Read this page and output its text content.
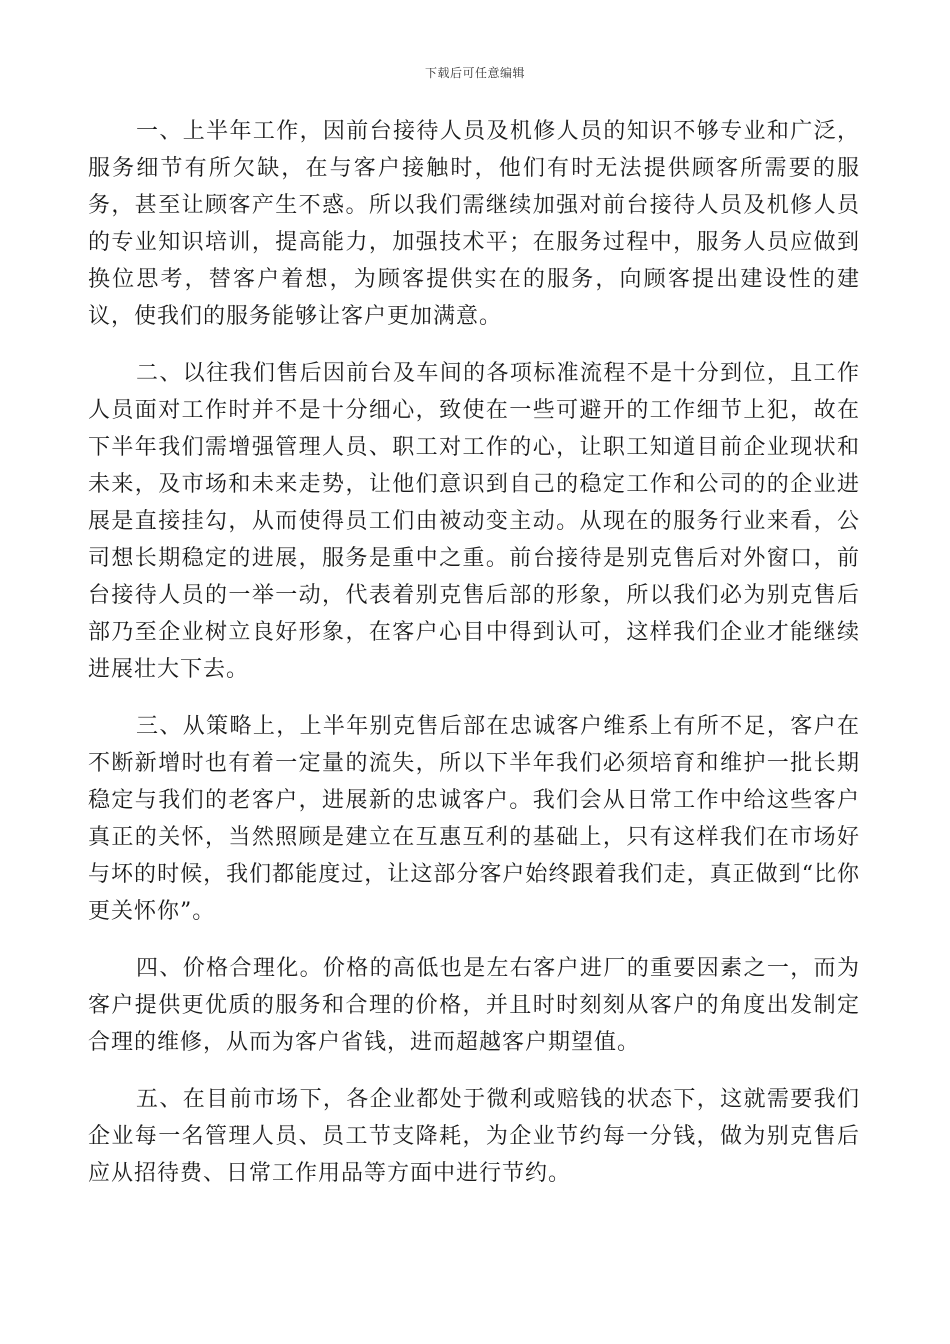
下载后可任意编辑

一、上半年工作，因前台接待人员及机修人员的知识不够专业和广泛，服务细节有所欠缺，在与客户接触时，他们有时无法提供顾客所需要的服务，甚至让顾客产生不惑。所以我们需继续加强对前台接待人员及机修人员的专业知识培训，提高能力，加强技术平；在服务过程中，服务人员应做到换位思考，替客户着想，为顾客提供实在的服务，向顾客提出建设性的建议，使我们的服务能够让客户更加满意。

二、以往我们售后因前台及车间的各项标准流程不是十分到位，且工作人员面对工作时并不是十分细心，致使在一些可避开的工作细节上犯，故在下半年我们需增强管理人员、职工对工作的心，让职工知道目前企业现状和未来，及市场和未来走势，让他们意识到自己的稳定工作和公司的的企业进展是直接挂勾，从而使得员工们由被动变主动。从现在的服务行业来看，公司想长期稳定的进展，服务是重中之重。前台接待是别克售后对外窗口，前台接待人员的一举一动，代表着别克售后部的形象，所以我们必为别克售后部乃至企业树立良好形象，在客户心目中得到认可，这样我们企业才能继续进展壮大下去。

三、从策略上，上半年别克售后部在忠诚客户维系上有所不足，客户在不断新增时也有着一定量的流失，所以下半年我们必须培育和维护一批长期稳定与我们的老客户，进展新的忠诚客户。我们会从日常工作中给这些客户真正的关怀，当然照顾是建立在互惠互利的基础上，只有这样我们在市场好与坏的时候，我们都能度过，让这部分客户始终跟着我们走，真正做到“比你更关怀你”。

四、价格合理化。价格的高低也是左右客户进厂的重要因素之一，而为客户提供更优质的服务和合理的价格，并且时时刻刻从客户的角度出发制定合理的维修，从而为客户省钱，进而超越客户期望值。

五、在目前市场下，各企业都处于微利或赔钱的状态下，这就需要我们企业每一名管理人员、员工节支降耗，为企业节约每一分钱，做为别克售后应从招待费、日常工作用品等方面中进行节约。
